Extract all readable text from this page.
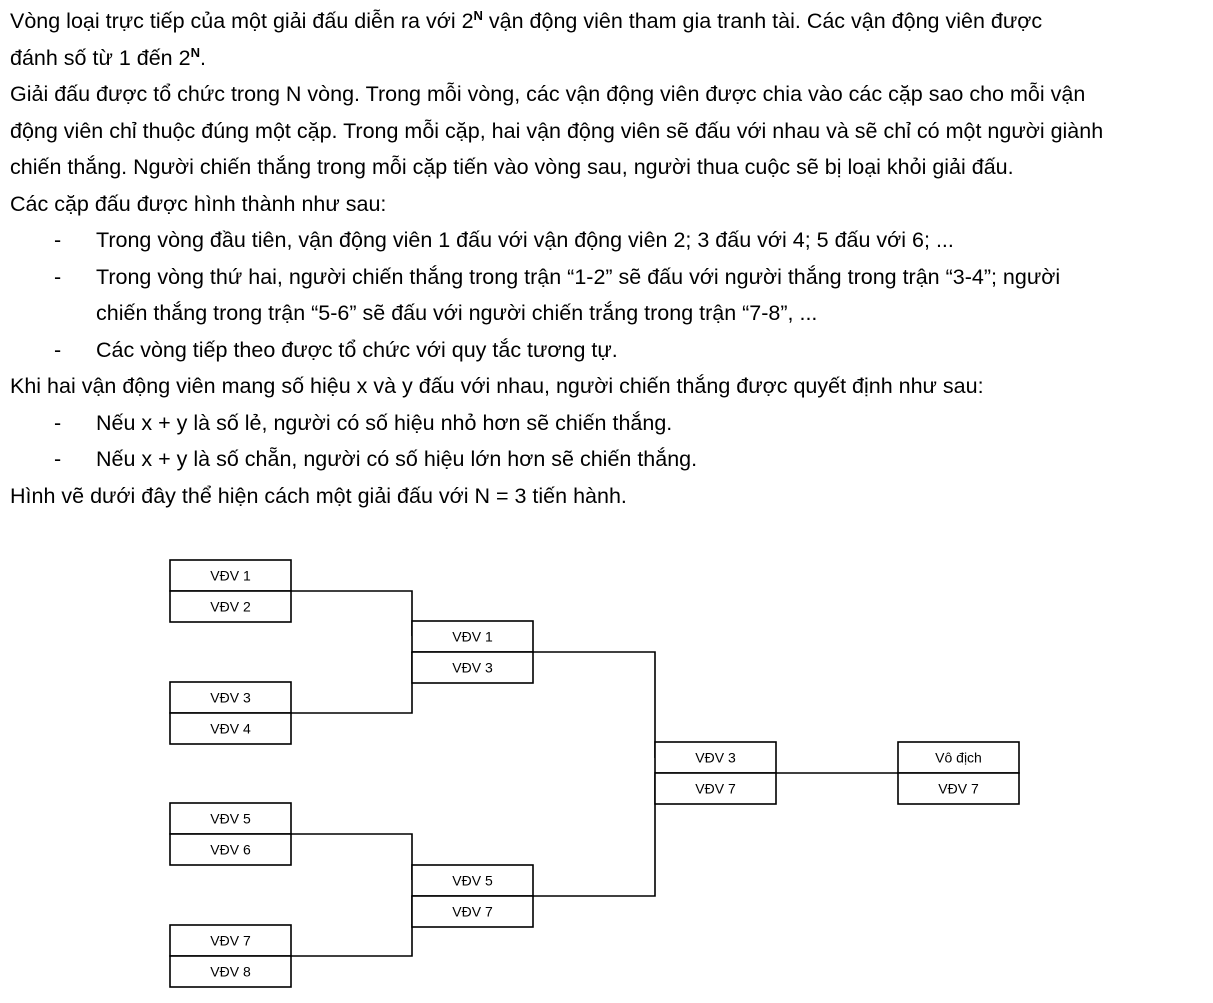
Vòng loại trực tiếp của một giải đấu diễn ra với $2^N$ vận động viên tham gia tranh tài. Các vận động viên được
đánh số từ 1 đến $2^N$.

Giải đấu được tổ chức trong N vòng. Trong mỗi vòng, các vận động viên được chia vào các cặp sao cho mỗi vận
động viên chỉ thuộc đúng một cặp. Trong mỗi cặp, hai vận động viên sẽ đấu với nhau và sẽ chỉ có một người giành
chiến thắng. Người chiến thắng trong mỗi cặp tiến vào vòng sau, người thua cuộc sẽ bị loại khỏi giải đấu.

Các cặp đấu được hình thành như sau:

- Trong vòng đầu tiên, vận động viên 1 đấu với vận động viên 2; 3 đấu với 4; 5 đấu với 6; ...

- Trong vòng thứ hai, người chiến thắng trong trận “1-2” sẽ đấu với người thắng trong trận “3-4”; người
chiến thắng trong trận “5-6” sẽ đấu với người chiến trắng trong trận “7-8”, ...

- Các vòng tiếp theo được tổ chức với quy tắc tương tự.

Khi hai vận động viên mang số hiệu x và y đấu với nhau, người chiến thắng được quyết định như sau:

- Nếu x + y là số lẻ, người có số hiệu nhỏ hơn sẽ chiến thắng.

- Nếu x + y là số chẵn, người có số hiệu lớn hơn sẽ chiến thắng.

Hình vẽ dưới đây thể hiện cách một giải đấu với N = 3 tiến hành.

VĐV 1
VĐV 2
VĐV 3
VĐV 4
VĐV 5
VĐV 6
VĐV 7
VĐV 8
VĐV 1
VĐV 3
VĐV 5
VĐV 7
VĐV 3
VĐV 7
Vô địch
VĐV 7
